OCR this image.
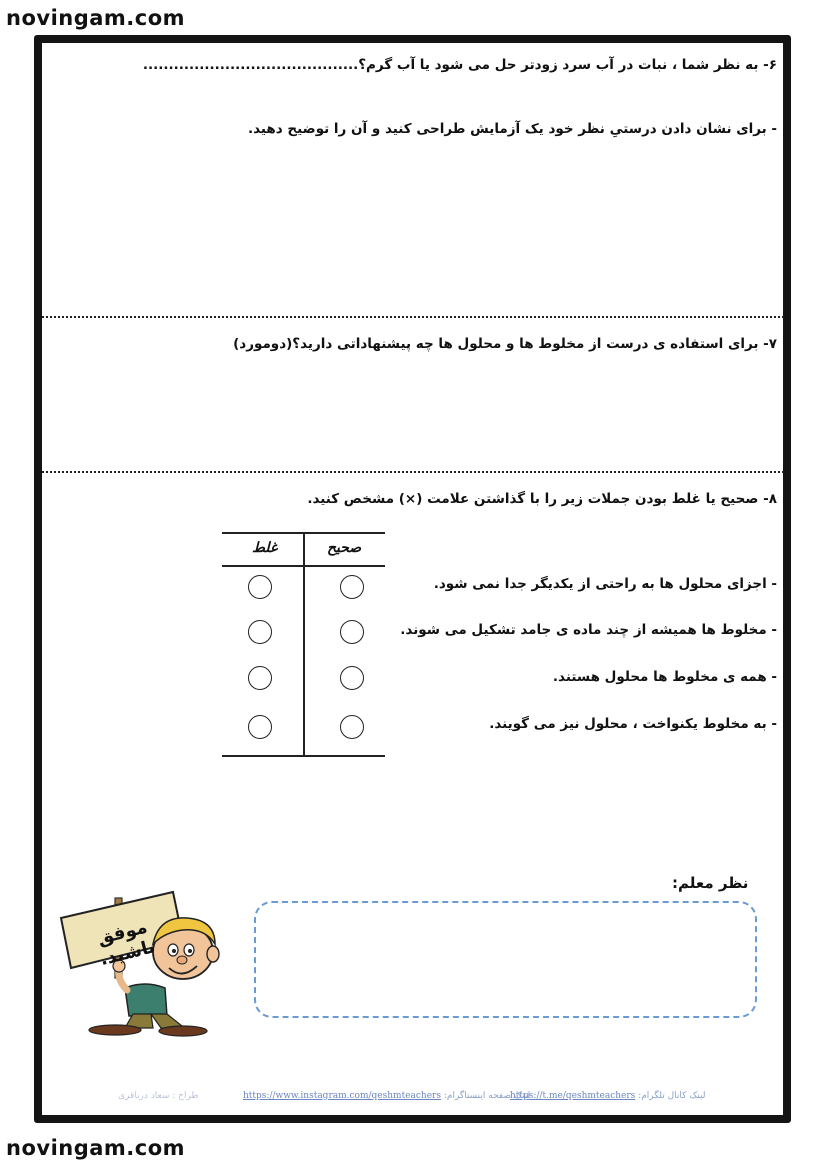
novingam.com
novingam.com
۶- به نظر شما ، نبات در آب سرد زودتر حل می شود یا آب گرم؟..........................................
- برای نشان دادن درستیِ نظر خود یک آزمایش طراحی کنید و آن را توضیح دهید.
۷- برای استفاده ی درست از مخلوط ها و محلول ها چه پیشنهاداتی دارید؟(دومورد)
۸- صحیح یا غلط بودن جملات زیر را با گذاشتن علامت (×) مشخص کنید.
صحیح
غلط
- اجزای محلول ها به راحتی از یکدیگر جدا نمی شود.
- مخلوط ها همیشه از چند ماده ی جامد تشکیل می شوند.
- همه ی مخلوط ها محلول هستند.
- به مخلوط یکنواخت ، محلول نیز می گویند.
نظر معلم:
موفق باشید.
لینک کانال تلگرام: https://t.me/qeshmteachers
لینک صفحه اینستاگرام: https://www.instagram.com/qeshmteachers
طراح : سعاد درباقری
